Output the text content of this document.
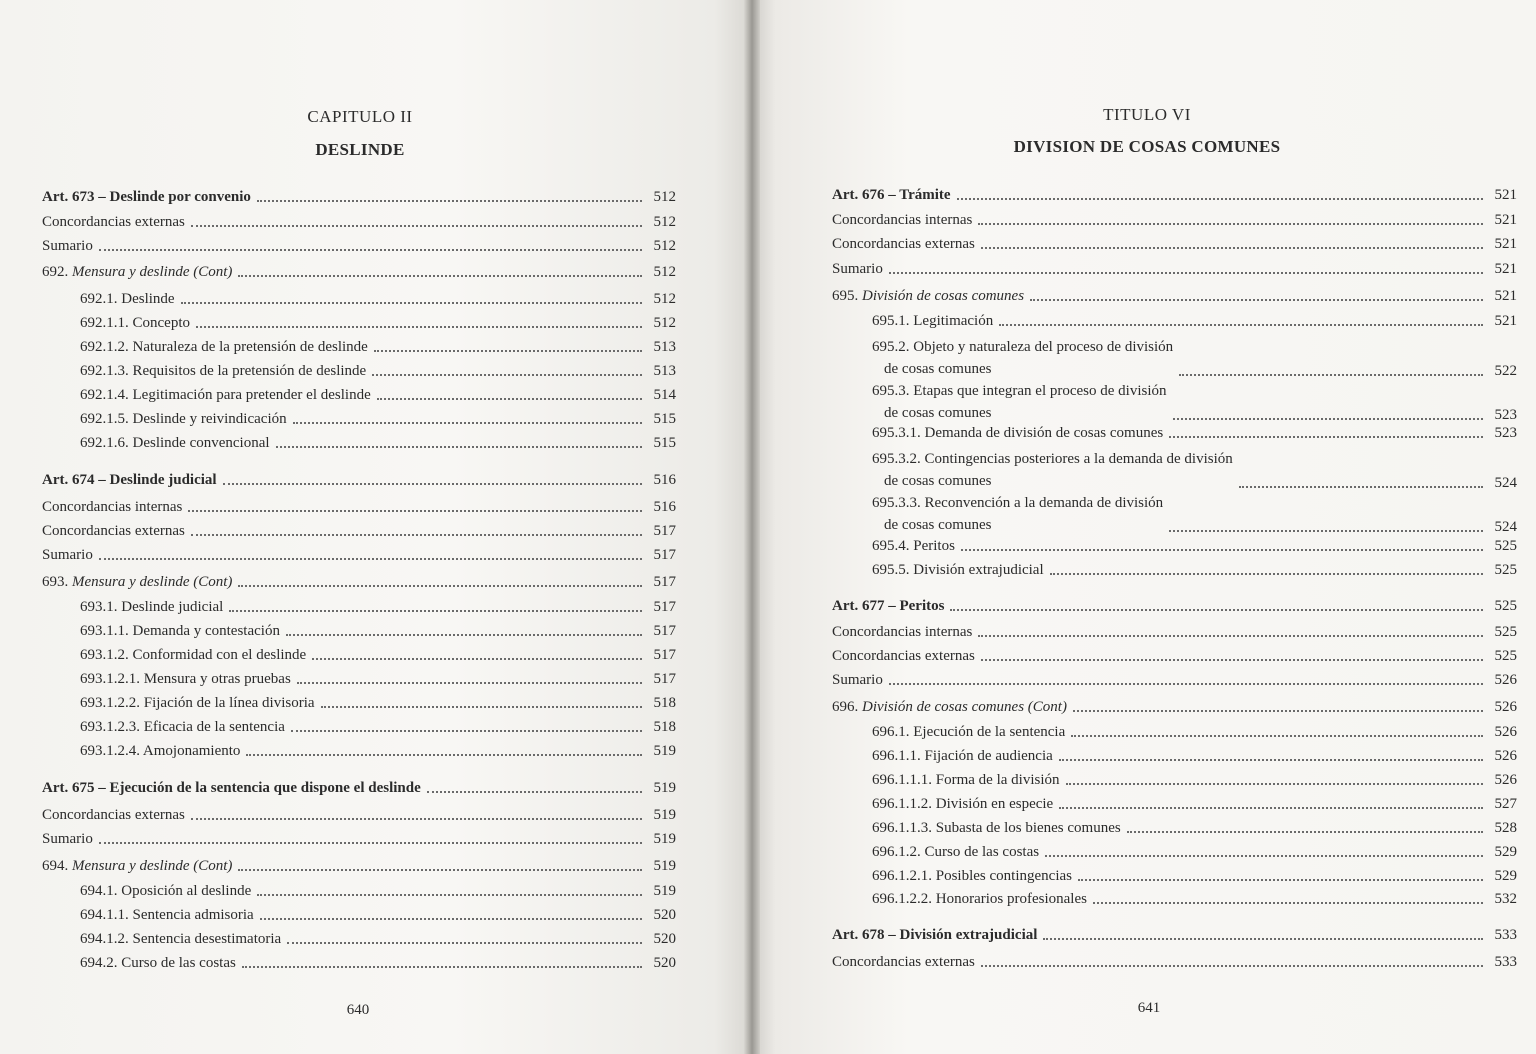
CAPITULO II
DESLINDE
Art. 673 – Deslinde por convenio	512
Concordancias externas	512
Sumario	512
692. Mensura y deslinde (Cont)	512
692.1. Deslinde	512
692.1.1. Concepto	512
692.1.2. Naturaleza de la pretensión de deslinde	513
692.1.3. Requisitos de la pretensión de deslinde	513
692.1.4. Legitimación para pretender el deslinde	514
692.1.5. Deslinde y reivindicación	515
692.1.6. Deslinde convencional	515
Art. 674 – Deslinde judicial	516
Concordancias internas	516
Concordancias externas	517
Sumario	517
693. Mensura y deslinde (Cont)	517
693.1. Deslinde judicial	517
693.1.1. Demanda y contestación	517
693.1.2. Conformidad con el deslinde	517
693.1.2.1. Mensura y otras pruebas	517
693.1.2.2. Fijación de la línea divisoria	518
693.1.2.3. Eficacia de la sentencia	518
693.1.2.4. Amojonamiento	519
Art. 675 – Ejecución de la sentencia que dispone el deslinde	519
Concordancias externas	519
Sumario	519
694. Mensura y deslinde (Cont)	519
694.1. Oposición al deslinde	519
694.1.1. Sentencia admisoria	520
694.1.2. Sentencia desestimatoria	520
694.2. Curso de las costas	520
640
TITULO VI
DIVISION DE COSAS COMUNES
Art. 676 – Trámite	521
Concordancias internas	521
Concordancias externas	521
Sumario	521
695. División de cosas comunes	521
695.1. Legitimación	521
695.2. Objeto y naturaleza del proceso de división
de cosas comunes	522
695.3. Etapas que integran el proceso de división
de cosas comunes	523
695.3.1. Demanda de división de cosas comunes	523
695.3.2. Contingencias posteriores a la demanda de división
de cosas comunes	524
695.3.3. Reconvención a la demanda de división
de cosas comunes	524
695.4. Peritos	525
695.5. División extrajudicial	525
Art. 677 – Peritos	525
Concordancias internas	525
Concordancias externas	525
Sumario	526
696. División de cosas comunes (Cont)	526
696.1. Ejecución de la sentencia	526
696.1.1. Fijación de audiencia	526
696.1.1.1. Forma de la división	526
696.1.1.2. División en especie	527
696.1.1.3. Subasta de los bienes comunes	528
696.1.2. Curso de las costas	529
696.1.2.1. Posibles contingencias	529
696.1.2.2. Honorarios profesionales	532
Art. 678 – División extrajudicial	533
Concordancias externas	533
641
